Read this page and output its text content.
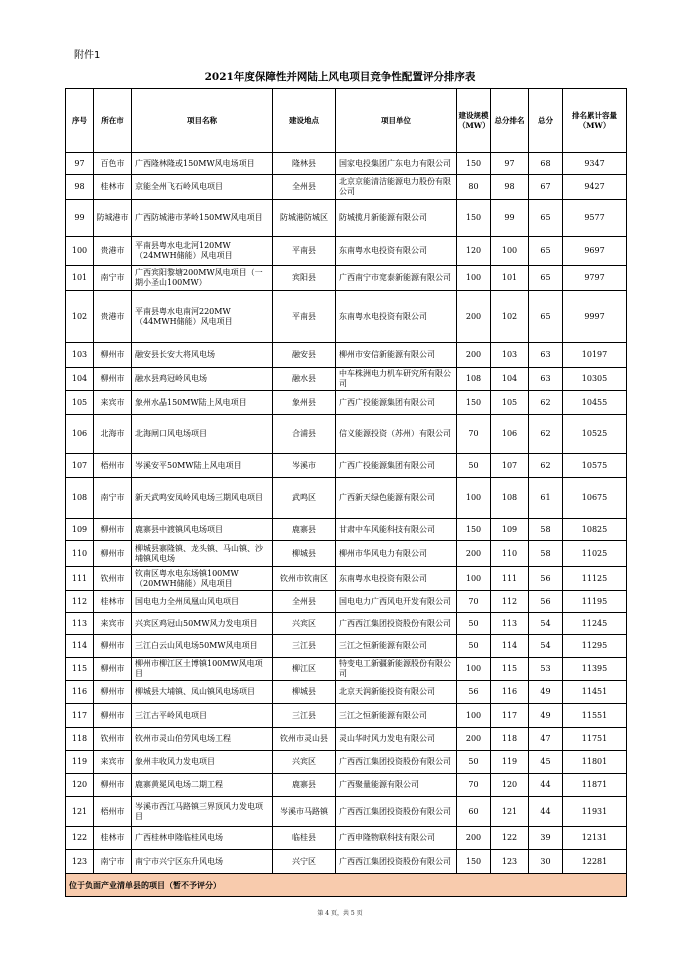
附件1
2021年度保障性并网陆上风电项目竞争性配置评分排序表
序号	所在市	项目名称	建设地点	项目单位	建设规模
（MW）	总分排名	总分	排名累计容量
（MW）
97	百色市	广西隆林隆或150MW风电场项目	隆林县	国家电投集团广东电力有限公司	150	97	68	9347
98	桂林市	京能全州飞石岭风电项目	全州县	北京京能清洁能源电力股份有限公司	80	98	67	9427
99	防城港市	广西防城港市茅岭150MW风电项目	防城港防城区	防城揽月新能源有限公司	150	99	65	9577
100	贵港市	平南县粤水电北河120MW（24MWH储能）风电项目	平南县	东南粤水电投资有限公司	120	100	65	9697
101	南宁市	广西宾阳黎塘200MW风电项目（一期小圣山100MW）	宾阳县	广西南宁市宽泰新能源有限公司	100	101	65	9797
102	贵港市	平南县粤水电南河220MW（44MWH储能）风电项目	平南县	东南粤水电投资有限公司	200	102	65	9997
103	柳州市	融安县长安大将风电场	融安县	柳州市安信新能源有限公司	200	103	63	10197
104	柳州市	融水县鸡冠岭风电场	融水县	中车株洲电力机车研究所有限公司	108	104	63	10305
105	来宾市	象州水晶150MW陆上风电项目	象州县	广西广投能源集团有限公司	150	105	62	10455
106	北海市	北海闸口风电场项目	合浦县	信义能源投资（苏州）有限公司	70	106	62	10525
107	梧州市	岑溪安平50MW陆上风电项目	岑溪市	广西广投能源集团有限公司	50	107	62	10575
108	南宁市	新天武鸣安凤岭风电场三期风电项目	武鸣区	广西新天绿色能源有限公司	100	108	61	10675
109	柳州市	鹿寨县中渡镇风电场项目	鹿寨县	甘肃中车风能科技有限公司	150	109	58	10825
110	柳州市	柳城县寨隆镇、龙头镇、马山镇、沙埔镇风电场	柳城县	柳州市华风电力有限公司	200	110	58	11025
111	钦州市	钦南区粤水电东场镇100MW（20MWH储能）风电项目	钦州市钦南区	东南粤水电投资有限公司	100	111	56	11125
112	桂林市	国电电力全州凤凰山风电项目	全州县	国电电力广西风电开发有限公司	70	112	56	11195
113	来宾市	兴宾区鸡冠山50MW风力发电项目	兴宾区	广西西江集团投资股份有限公司	50	113	54	11245
114	柳州市	三江白云山风电场50MW风电项目	三江县	三江之恒新能源有限公司	50	114	54	11295
115	柳州市	柳州市柳江区土博镇100MW风电项目	柳江区	特变电工新疆新能源股份有限公司	100	115	53	11395
116	柳州市	柳城县大埔镇、凤山镇风电场项目	柳城县	北京天润新能投资有限公司	56	116	49	11451
117	柳州市	三江古平岭风电项目	三江县	三江之恒新能源有限公司	100	117	49	11551
118	钦州市	钦州市灵山伯劳风电场工程	钦州市灵山县	灵山华时风力发电有限公司	200	118	47	11751
119	来宾市	象州丰收风力发电项目	兴宾区	广西西江集团投资股份有限公司	50	119	45	11801
120	柳州市	鹿寨黄冕风电场二期工程	鹿寨县	广西聚量能源有限公司	70	120	44	11871
121	梧州市	岑溪市西江马路镇三界顶风力发电项目	岑溪市马路镇	广西西江集团投资股份有限公司	60	121	44	11931
122	桂林市	广西桂林申隆临桂风电场	临桂县	广西申隆物联科技有限公司	200	122	39	12131
123	南宁市	南宁市兴宁区东升风电场	兴宁区	广西西江集团投资股份有限公司	150	123	30	12281
位于负面产业清单县的项目（暂不予评分）								
第 4 页，共 5 页
